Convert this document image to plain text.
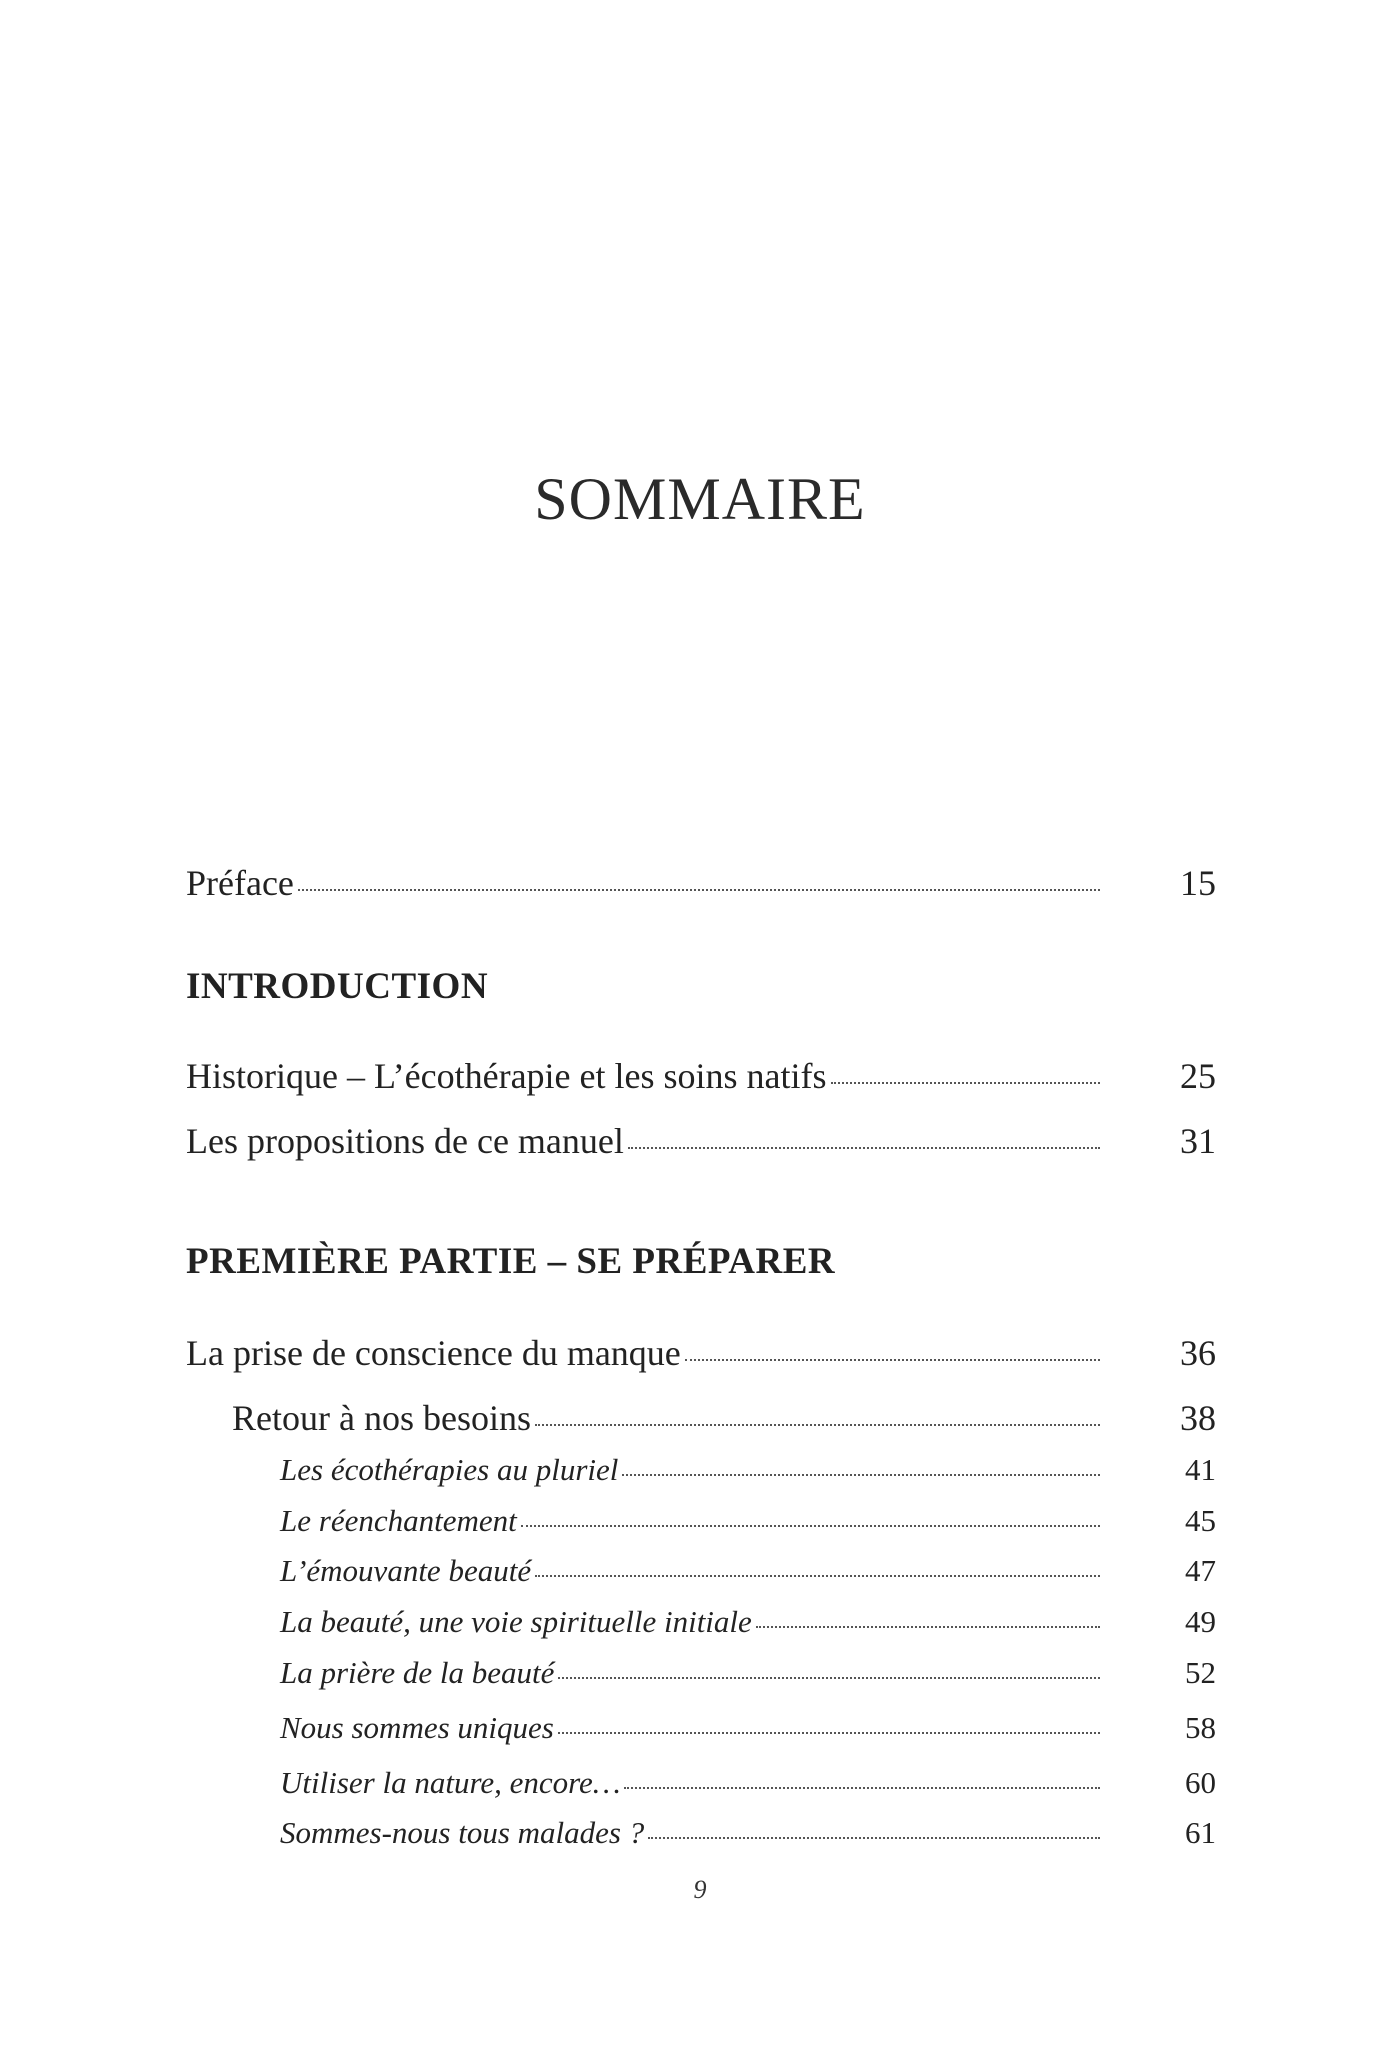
SOMMAIRE
Préface	15
INTRODUCTION
Historique – L’écothérapie et les soins natifs	25
Les propositions de ce manuel	31
PREMIÈRE PARTIE – SE PRÉPARER
La prise de conscience du manque	36
Retour à nos besoins	38
Les écothérapies au pluriel	41
Le réenchantement	45
L’émouvante beauté	47
La beauté, une voie spirituelle initiale	49
La prière de la beauté	52
Nous sommes uniques	58
Utiliser la nature, encore…	60
Sommes-nous tous malades ?	61
9
